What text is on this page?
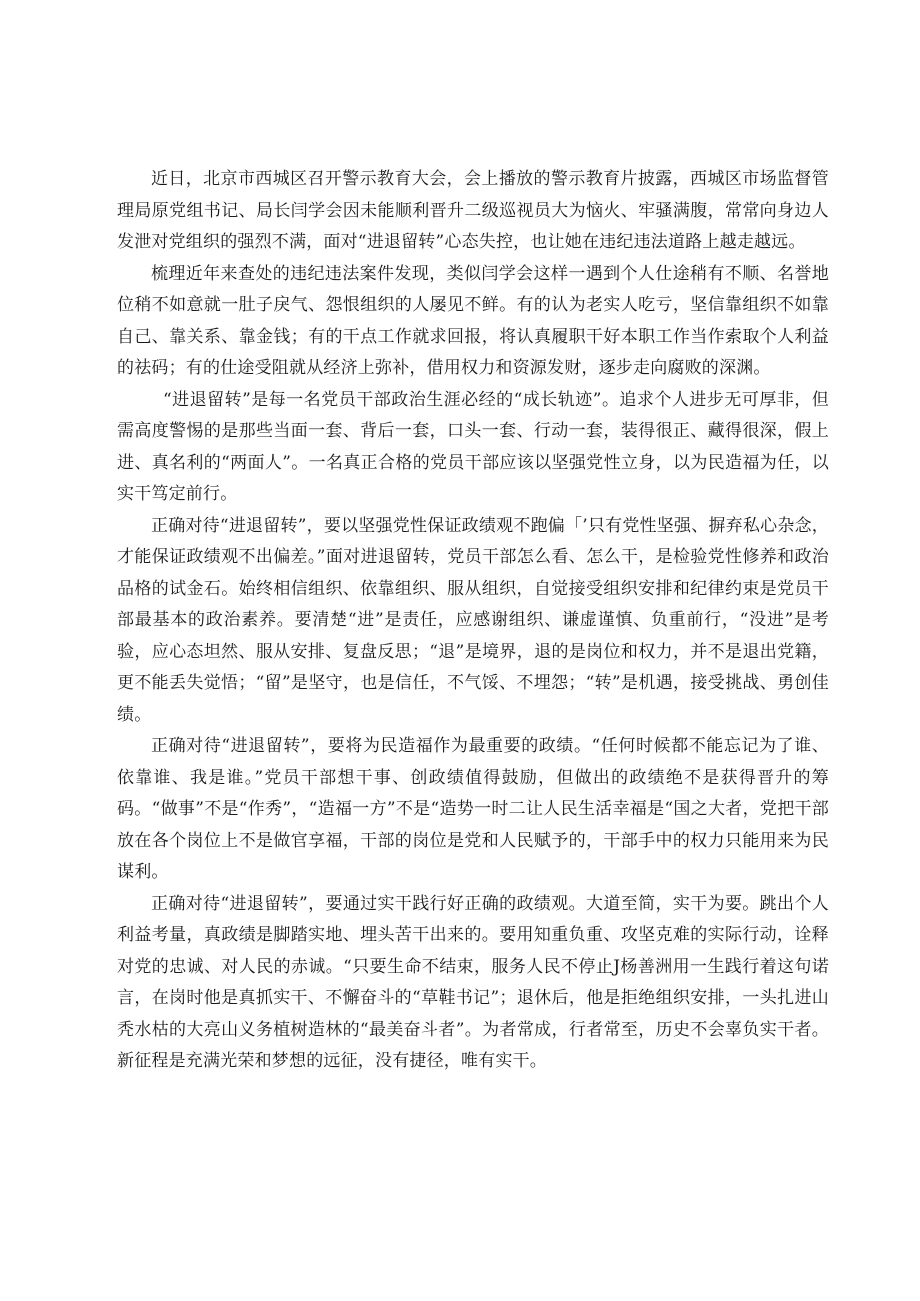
近日，北京市西城区召开警示教育大会，会上播放的警示教育片披露，西城区市场监督管理局原党组书记、局长闫学会因未能顺利晋升二级巡视员大为恼火、牢骚满腹，常常向身边人发泄对党组织的强烈不满，面对“进退留转”心态失控，也让她在违纪违法道路上越走越远。

梳理近年来查处的违纪违法案件发现，类似闫学会这样一遇到个人仕途稍有不顺、名誉地位稍不如意就一肚子戾气、怨恨组织的人屡见不鲜。有的认为老实人吃亏，坚信靠组织不如靠自己、靠关系、靠金钱；有的干点工作就求回报，将认真履职干好本职工作当作索取个人利益的祛码；有的仕途受阻就从经济上弥补，借用权力和资源发财，逐步走向腐败的深渊。

“进退留转”是每一名党员干部政治生涯必经的“成长轨迹”。追求个人进步无可厚非，但需高度警惕的是那些当面一套、背后一套，口头一套、行动一套，装得很正、藏得很深，假上进、真名利的“两面人”。一名真正合格的党员干部应该以坚强党性立身，以为民造福为任，以实干笃定前行。

正确对待“进退留转”，要以坚强党性保证政绩观不跑偏「’只有党性坚强、摒弃私心杂念，才能保证政绩观不出偏差。”面对进退留转，党员干部怎么看、怎么干，是检验党性修养和政治品格的试金石。始终相信组织、依靠组织、服从组织，自觉接受组织安排和纪律约束是党员干部最基本的政治素养。要清楚“进”是责任，应感谢组织、谦虚谨慎、负重前行，“没进”是考验，应心态坦然、服从安排、复盘反思；“退”是境界，退的是岗位和权力，并不是退出党籍，更不能丢失觉悟；“留”是坚守，也是信任，不气馁、不埋怨；“转”是机遇，接受挑战、勇创佳绩。

正确对待“进退留转”，要将为民造福作为最重要的政绩。“任何时候都不能忘记为了谁、依靠谁、我是谁。”党员干部想干事、创政绩值得鼓励，但做出的政绩绝不是获得晋升的筹码。“做事”不是“作秀”，“造福一方”不是“造势一时二让人民生活幸福是“国之大者，党把干部放在各个岗位上不是做官享福，干部的岗位是党和人民赋予的，干部手中的权力只能用来为民谋利。

正确对待“进退留转”，要通过实干践行好正确的政绩观。大道至简，实干为要。跳出个人利益考量，真政绩是脚踏实地、埋头苦干出来的。要用知重负重、攻坚克难的实际行动，诠释对党的忠诚、对人民的赤诚。“只要生命不结束，服务人民不停止J杨善洲用一生践行着这句诺言，在岗时他是真抓实干、不懈奋斗的“草鞋书记”；退休后，他是拒绝组织安排，一头扎进山秃水枯的大亮山义务植树造林的“最美奋斗者”。为者常成，行者常至，历史不会辜负实干者。新征程是充满光荣和梦想的远征，没有捷径，唯有实干。
